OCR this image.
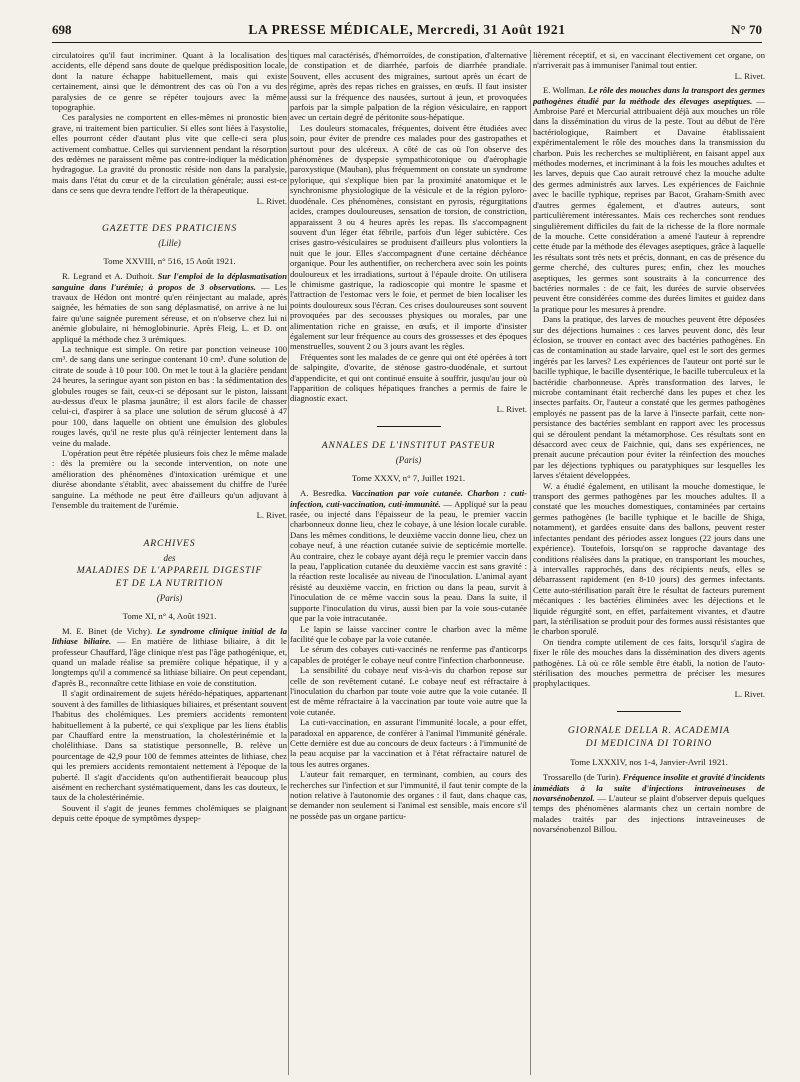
698	LA PRESSE MÉDICALE, Mercredi, 31 Août 1921	N° 70

circulatoires qu'il faut incriminer. Quant à la localisation des accidents, elle dépend sans doute de quelque prédisposition locale, dont la nature échappe habituellement, mais qui existe certainement, ainsi que le démontrent des cas où l'on a vu des paralysies de ce genre se répéter toujours avec la même topographie.

Ces paralysies ne comportent en elles-mêmes ni pronostic bien grave, ni traitement bien particulier. Si elles sont liées à l'asystolie, elles pourront céder d'autant plus vite que celle-ci sera plus activement combattue. Celles qui surviennent pendant la résorption des œdèmes ne paraissent même pas contre-indiquer la médication hydragogue. La gravité du pronostic réside non dans la paralysie, mais dans l'état du cœur et de la circulation générale; aussi est-ce dans ce sens que devra tendre l'effort de la thérapeutique.

L. Rivet.
GAZETTE DES PRATICIENS
(Lille)
Tome XXVIII, n° 516, 15 Août 1921.

R. Legrand et A. Duthoit. Sur l'emploi de la déplasmatisation sanguine dans l'urémie; à propos de 3 observations. — Les travaux de Hédon ont montré qu'en réinjectant au malade, après saignée, les hématies de son sang déplasmatisé, on arrive à ne lui faire qu'une saignée purement séreuse, et on n'observe chez lui ni anémie globulaire, ni hémoglobinurie. Après Fleig, L. et D. ont appliqué la méthode chez 3 urémiques.

La technique est simple. On retire par ponction veineuse 100 cm³. de sang dans une seringue contenant 10 cm³. d'une solution de citrate de soude à 10 pour 100. On met le tout à la glacière pendant 24 heures, la seringue ayant son piston en bas : la sédimentation des globules rouges se fait, ceux-ci se déposant sur le piston, laissant au-dessus d'eux le plasma jaunâtre; il est alors facile de chasser celui-ci, d'aspirer à sa place une solution de sérum glucosé à 47 pour 100, dans laquelle on obtient une émulsion des globules rouges lavés, qu'il ne reste plus qu'à réinjecter lentement dans la veine du malade.

L'opération peut être répétée plusieurs fois chez le même malade : dès la première ou la seconde intervention, on note une amélioration des phénomènes d'intoxication urémique et une diurèse abondante s'établit, avec abaissement du chiffre de l'urée sanguine. La méthode ne peut être d'ailleurs qu'un adjuvant à l'ensemble du traitement de l'urémie.

L. Rivet.
ARCHIVES
des
MALADIES DE L'APPAREIL DIGESTIF
ET DE LA NUTRITION
(Paris)
Tome XI, n° 4, Août 1921.

M. E. Binet (de Vichy). Le syndrome clinique initial de la lithiase biliaire. — En matière de lithiase biliaire, à dit le professeur Chauffard, l'âge clinique n'est pas l'âge pathogénique, et, quand un malade réalise sa première colique hépatique, il y a longtemps qu'il a commencé sa lithiase biliaire. On peut cependant, d'après B., reconnaître cette lithiase en voie de constitution.

Il s'agit ordinairement de sujets hérédo-hépatiques, appartenant souvent à des familles de lithiasiques biliaires, et présentant souvent l'habitus des cholémiques. Les premiers accidents remontent habituellement à la puberté, ce qui s'explique par les liens établis par Chauffard entre la menstruation, la cholestérinémie et la cholélithiase. Dans sa statistique personnelle, B. relève un pourcentage de 42,9 pour 100 de femmes atteintes de lithiase, chez qui les premiers accidents remontaient nettement à l'époque de la puberté. Il s'agit d'accidents qu'on authentifierait beaucoup plus aisément en recherchant systématiquement, dans les cas douteux, le taux de la cholestérinémie.

Souvent il s'agit de jeunes femmes cholémiques se plaignant depuis cette époque de symptômes dyspep-

tiques mal caractérisés, d'hémorroïdes, de constipation, d'alternative de constipation et de diarrhée, parfois de diarrhée prandiale. Souvent, elles accusent des migraines, surtout après un écart de régime, après des repas riches en graisses, en œufs. Il faut insister aussi sur la fréquence des nausées, surtout à jeun, et provoquées parfois par la simple palpation de la région vésiculaire, en rapport avec un certain degré de péritonite sous-hépatique.

Les douleurs stomacales, fréquentes, doivent être étudiées avec soin, pour éviter de prendre ces malades pour des gastropathes et surtout pour des ulcéreux. A côté de cas où l'on observe des phénomènes de dyspepsie sympathicotonique ou d'aérophagie paroxystique (Mauban), plus fréquemment on constate un syndrome pylorique, qui s'explique bien par la proximité anatomique et le synchronisme physiologique de la vésicule et de la région pyloro-duodénale. Ces phénomènes, consistant en pyrosis, régurgitations acides, crampes douloureuses, sensation de torsion, de constriction, apparaissent 3 ou 4 heures après les repas. Ils s'accompagnent souvent d'un léger état fébrile, parfois d'un léger subictère. Ces crises gastro-vésiculaires se produisent d'ailleurs plus volontiers la nuit que le jour. Elles s'accompagnent d'une certaine déchéance organique. Pour les authentifier, on recherchera avec soin les points douloureux et les irradiations, surtout à l'épaule droite. On utilisera le chimisme gastrique, la radioscopie qui montre le spasme et l'attraction de l'estomac vers le foie, et permet de bien localiser les points douloureux sous l'écran. Ces crises douloureuses sont souvent provoquées par des secousses physiques ou morales, par une alimentation riche en graisse, en œufs, et il importe d'insister également sur leur fréquence au cours des grossesses et des époques menstruelles, souvent 2 ou 3 jours avant les règles.

Fréquentes sont les malades de ce genre qui ont été opérées à tort de salpingite, d'ovarite, de sténose gastro-duodénale, et surtout d'appendicite, et qui ont continué ensuite à souffrir, jusqu'au jour où l'apparition de coliques hépatiques franches a permis de faire le diagnostic exact.

L. Rivet.
ANNALES DE L'INSTITUT PASTEUR
(Paris)
Tome XXXV, n° 7, Juillet 1921.

A. Besredka. Vaccination par voie cutanée. Charbon : cuti-infection, cuti-vaccination, cuti-immunité. — Appliqué sur la peau rasée, ou injecté dans l'épaisseur de la peau, le premier vaccin charbonneux donne lieu, chez le cobaye, à une lésion locale curable. Dans les mêmes conditions, le deuxième vaccin donne lieu, chez un cobaye neuf, à une réaction cutanée suivie de septicémie mortelle. Au contraire, chez le cobaye ayant déjà reçu le premier vaccin dans la peau, l'application cutanée du deuxième vaccin est sans gravité : la réaction reste localisée au niveau de l'inoculation. L'animal ayant résisté au deuxième vaccin, en friction ou dans la peau, survit à l'inoculation de ce même vaccin sous la peau. Dans la suite, il supporte l'inoculation du virus, aussi bien par la voie sous-cutanée que par la voie intracutanée.

Le lapin se laisse vacciner contre le charbon avec la même facilité que le cobaye par la voie cutanée.

Le sérum des cobayes cuti-vaccinés ne renferme pas d'anticorps capables de protéger le cobaye neuf contre l'infection charbonneuse.

La sensibilité du cobaye neuf vis-à-vis du charbon repose sur celle de son revêtement cutané. Le cobaye neuf est réfractaire à l'inoculation du charbon par toute voie autre que la voie cutanée. Il est de même réfractaire à la vaccination par toute voie autre que la voie cutanée.

La cuti-vaccination, en assurant l'immunité locale, a pour effet, paradoxal en apparence, de conférer à l'animal l'immunité générale. Cette dernière est due au concours de deux facteurs : à l'immunité de la peau acquise par la vaccination et à l'état réfractaire naturel de tous les autres organes.

L'auteur fait remarquer, en terminant, combien, au cours des recherches sur l'infection et sur l'immunité, il faut tenir compte de la notion relative à l'autonomie des organes : il faut, dans chaque cas, se demander non seulement si l'animal est sensible, mais encore s'il ne possède pas un organe particu-

lièrement réceptif, et si, en vaccinant électivement cet organe, on n'arriverait pas à immuniser l'animal tout entier.

L. Rivet.

E. Wollman. Le rôle des mouches dans la transport des germes pathogènes étudié par la méthode des élevages aseptiques. — Ambroise Paré et Mercurial attribuaient déjà aux mouches un rôle dans la dissémination du virus de la peste. Tout au début de l'ère bactériologique, Raimbert et Davaine établissaient expérimentalement le rôle des mouches dans la transmission du charbon. Puis les recherches se multiplièrent, en faisant appel aux méthodes modernes, et incriminant à la fois les mouches adultes et les larves, depuis que Cao aurait retrouvé chez la mouche adulte des germes administrés aux larves. Les expériences de Faichnie avec le bacille typhique, reprises par Bacot, Graham-Smith avec d'autres germes également, et d'autres auteurs, sont particulièrement intéressantes. Mais ces recherches sont rendues singulièrement difficiles du fait de la richesse de la flore normale de la mouche. Cette considération a amené l'auteur à reprendre cette étude par la méthode des élevages aseptiques, grâce à laquelle les résultats sont très nets et précis, donnant, en cas de présence du germe cherché, des cultures pures; enfin, chez les mouches aseptiques, les germes sont soustraits à la concurrence des bactéries normales : de ce fait, les durées de survie observées peuvent être considérées comme des durées limites et guidez dans la pratique pour les mesures à prendre.

Dans la pratique, des larves de mouches peuvent être déposées sur des déjections humaines : ces larves peuvent donc, dès leur éclosion, se trouver en contact avec des bactéries pathogènes. En cas de contamination au stade larvaire, quel est le sort des germes ingérés par les larves? Les expériences de l'auteur ont porté sur le bacille typhique, le bacille dysentérique, le bacille tuberculeux et la bactéridie charbonneuse. Après transformation des larves, le microbe contaminant était recherché dans les pupes et chez les insectes parfaits. Or, l'auteur a constaté que les germes pathogènes employés ne passent pas de la larve à l'insecte parfait, cette non-persistance des bactéries semblant en rapport avec les processus qui se déroulent pendant la métamorphose. Ces résultats sont en désaccord avec ceux de Faichnie, qui, dans ses expériences, ne prenait aucune précaution pour éviter la réinfection des mouches par les déjections typhiques ou paratyphiques sur lesquelles les larves s'étaient développées.

W. a étudié également, en utilisant la mouche domestique, le transport des germes pathogènes par les mouches adultes. Il a constaté que les mouches domestiques, contaminées par certains germes pathogènes (le bacille typhique et le bacille de Shiga, notamment), et gardées ensuite dans des ballons, peuvent rester infectantes pendant des périodes assez longues (22 jours dans une expérience). Toutefois, lorsqu'on se rapproche davantage des conditions réalisées dans la pratique, en transportant les mouches, à intervalles rapprochés, dans des récipients neufs, elles se débarrassent rapidement (en 8-10 jours) des germes infectants. Cette auto-stérilisation paraît être le résultat de facteurs purement mécaniques : les bactéries éliminées avec les déjections et le liquide régurgité sont, en effet, parfaitement vivantes, et d'autre part, la stérilisation se produit pour des formes aussi résistantes que le charbon sporulé.

On tiendra compte utilement de ces faits, lorsqu'il s'agira de fixer le rôle des mouches dans la dissémination des divers agents pathogènes. Là où ce rôle semble être établi, la notion de l'auto-stérilisation des mouches permettra de préciser les mesures prophylactiques.

L. Rivet.
GIORNALE DELLA R. ACADEMIA
DI MEDICINA DI TORINO
Tome LXXXIV, nos 1-4, Janvier-Avril 1921.

Trossarello (de Turin). Fréquence insolite et gravité d'incidents immédiats à la suite d'injections intraveineuses de novarsénobenzol. — L'auteur se plaint d'observer depuis quelques temps des phénomènes alarmants chez un certain nombre de malades traités par des injections intraveineuses de novarsénobenzol Billou.
